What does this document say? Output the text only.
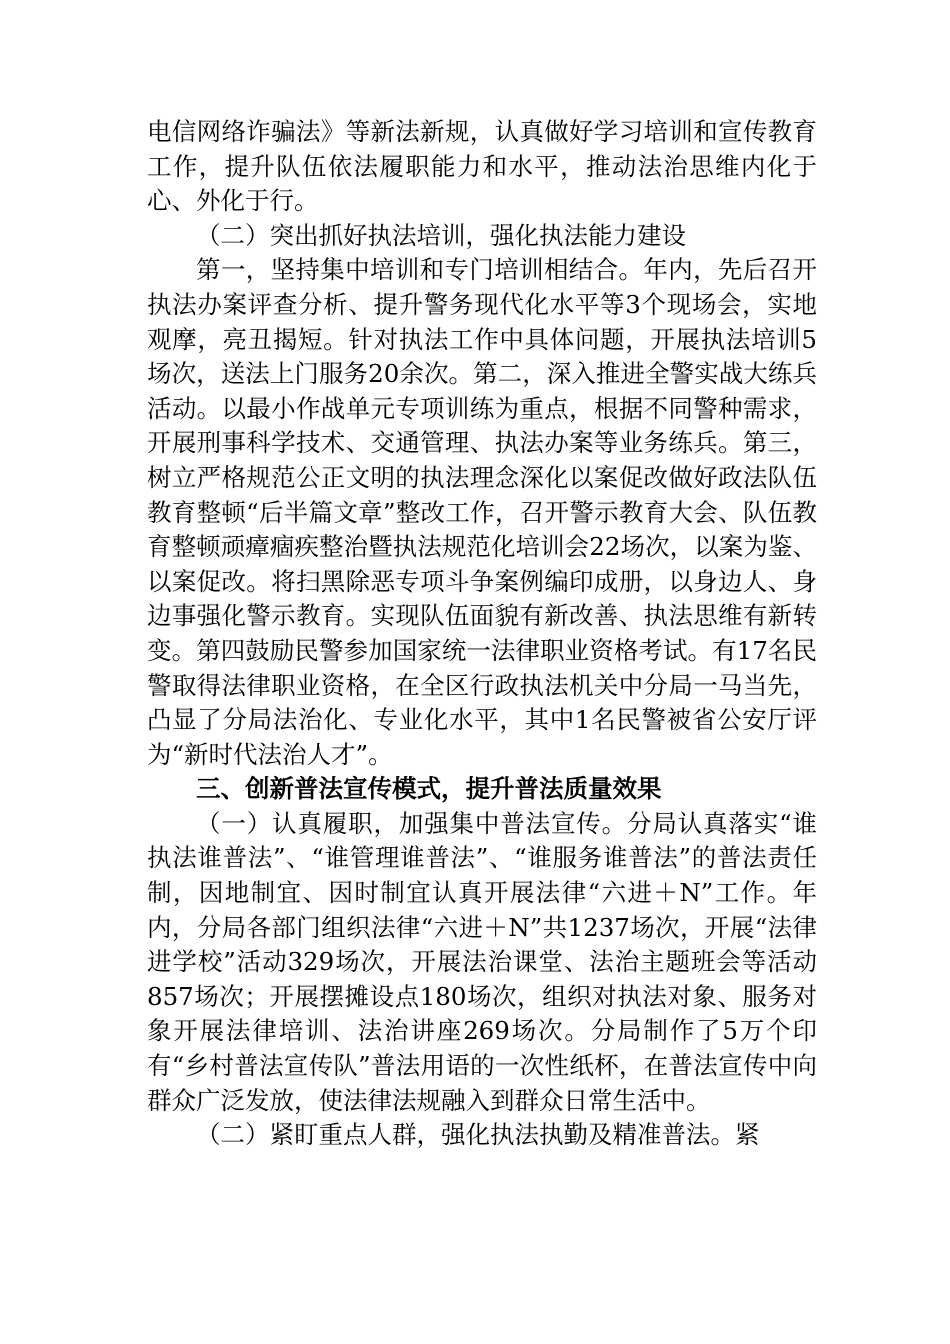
电信网络诈骗法》等新法新规，认真做好学习培训和宣传教育工作，提升队伍依法履职能力和水平，推动法治思维内化于心、外化于行。

（二）突出抓好执法培训，强化执法能力建设

第一，坚持集中培训和专门培训相结合。年内，先后召开执法办案评查分析、提升警务现代化水平等3个现场会，实地观摩，亮丑揭短。针对执法工作中具体问题，开展执法培训5场次，送法上门服务20余次。第二，深入推进全警实战大练兵活动。以最小作战单元专项训练为重点，根据不同警种需求，开展刑事科学技术、交通管理、执法办案等业务练兵。第三，树立严格规范公正文明的执法理念深化以案促改做好政法队伍教育整顿“后半篇文章”整改工作，召开警示教育大会、队伍教育整顿顽瘴痼疾整治暨执法规范化培训会22场次，以案为鉴、以案促改。将扫黑除恶专项斗争案例编印成册，以身边人、身边事强化警示教育。实现队伍面貌有新改善、执法思维有新转变。第四鼓励民警参加国家统一法律职业资格考试。有17名民警取得法律职业资格，在全区行政执法机关中分局一马当先，凸显了分局法治化、专业化水平，其中1名民警被省公安厅评为“新时代法治人才”。

三、创新普法宣传模式，提升普法质量效果

（一）认真履职，加强集中普法宣传。分局认真落实“谁执法谁普法”、“谁管理谁普法”、“谁服务谁普法”的普法责任制，因地制宜、因时制宜认真开展法律“六进＋N”工作。年内，分局各部门组织法律“六进＋N”共1237场次，开展“法律进学校”活动329场次，开展法治课堂、法治主题班会等活动857场次；开展摆摊设点180场次，组织对执法对象、服务对象开展法律培训、法治讲座269场次。分局制作了5万个印有“乡村普法宣传队”普法用语的一次性纸杯，在普法宣传中向群众广泛发放，使法律法规融入到群众日常生活中。

（二）紧盯重点人群，强化执法执勤及精准普法。紧
